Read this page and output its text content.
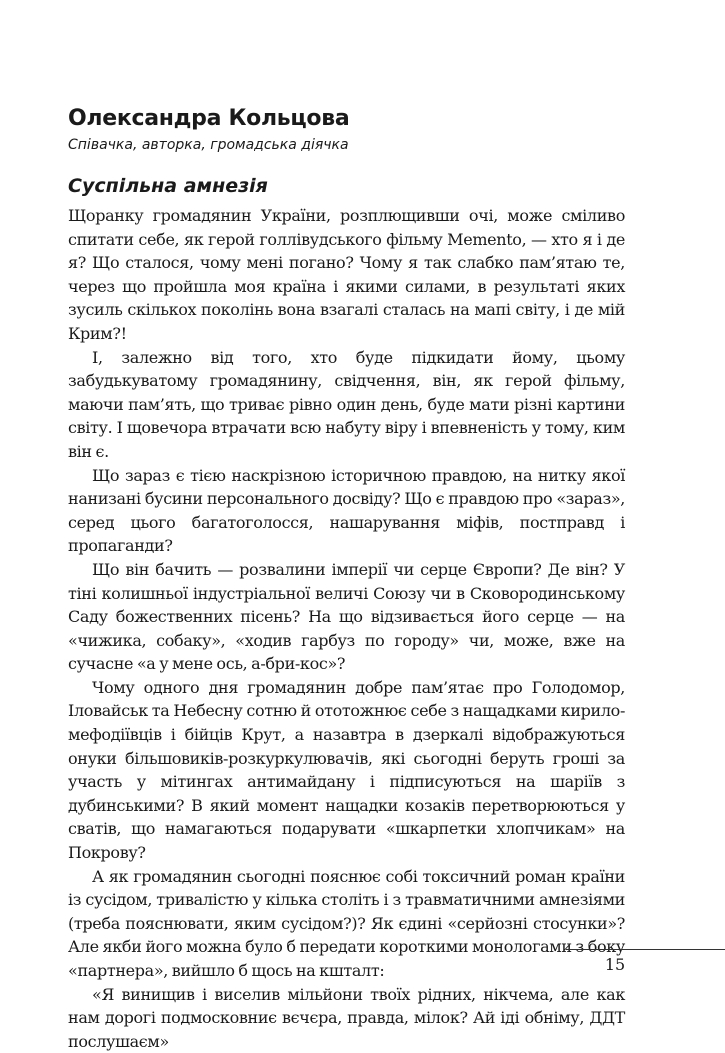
Олександра Кольцова
Співачка, авторка, громадська діячка
Суспільна амнезія

Щоранку громадянин України, розплющивши очі, може сміливо спитати себе, як герой голлівудського фільму Memento, — хто я і де я? Що сталося, чому мені погано? Чому я так слабко пам’ятаю те, через що пройшла моя країна і якими силами, в результаті яких зусиль скількох поколінь вона взагалі сталась на мапі світу, і де мій Крим?!

І, залежно від того, хто буде підкидати йому, цьому забудькуватому громадянину, свідчення, він, як герой фільму, маючи пам’ять, що триває рівно один день, буде мати різні картини світу. І щовечора втрачати всю набуту віру і впевненість у тому, ким він є.

Що зараз є тією наскрізною історичною правдою, на нитку якої нанизані бусини персонального досвіду? Що є правдою про «зараз», серед цього багатоголосся, нашарування міфів, постправд і пропаганди?

Що він бачить — розвалини імперії чи серце Європи? Де він? У тіні колишньої індустріальної величі Союзу чи в Сковородинському Саду божественних пісень? На що відзивається його серце — на «чижика, собаку», «ходив гарбуз по городу» чи, може, вже на сучасне «а у мене ось, а-бри-кос»?

Чому одного дня громадянин добре пам’ятає про Голодомор, Іловайськ та Небесну сотню й ототожнює себе з нащадками кирило-мефодіївців і бійців Крут, а назавтра в дзеркалі відображуються онуки більшовиків-розкуркулювачів, які сьогодні беруть гроші за участь у мітингах антимайдану і підписуються на шаріїв з дубинськими? В який момент нащадки козаків перетворюються у сватів, що намагаються подарувати «шкарпетки хлопчикам» на Покрову?

А як громадянин сьогодні пояснює собі токсичний роман країни із сусідом, тривалістю у кілька століть і з травматичними амнезіями (треба пояснювати, яким сусідом?)? Як єдині «серйозні стосунки»? Але якби його можна було б передати короткими монологами з боку «партнера», вийшло б щось на кшталт:

«Я винищив і виселив мільйони твоїх рідних, нікчема, але как нам дорогі подмосковниє вєчєра, правда, мілок? Ай іді обніму, ДДТ послушаєм»

15
